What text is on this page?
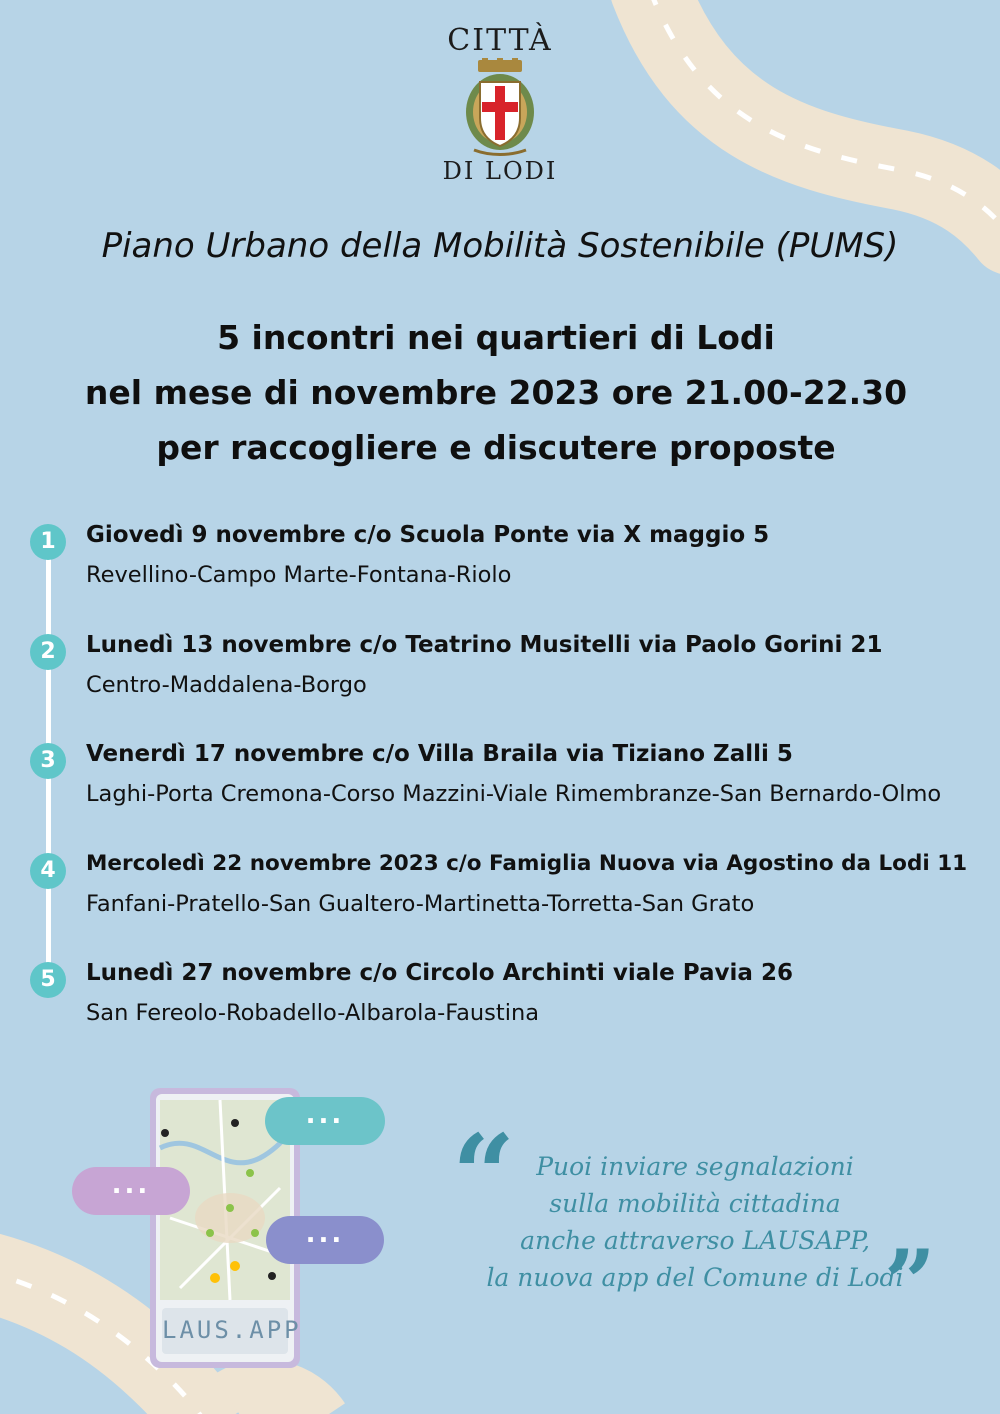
CITTÀ
DI LODI
Piano Urbano della Mobilità Sostenibile (PUMS)
5 incontri nei quartieri di Lodi
nel mese di novembre 2023 ore 21.00-22.30
per raccogliere e discutere proposte
1	Giovedì 9 novembre c/o Scuola Ponte via X maggio 5
Revellino-Campo Marte-Fontana-Riolo
2	Lunedì 13 novembre c/o Teatrino Musitelli via Paolo Gorini 21
Centro-Maddalena-Borgo
3	Venerdì 17 novembre c/o Villa Braila via Tiziano Zalli 5
Laghi-Porta Cremona-Corso Mazzini-Viale Rimembranze-San Bernardo-Olmo
4	Mercoledì 22 novembre 2023 c/o Famiglia Nuova via Agostino da Lodi 11
Fanfani-Pratello-San Gualtero-Martinetta-Torretta-San Grato
5	Lunedì 27 novembre c/o Circolo Archinti viale Pavia 26
San Fereolo-Robadello-Albarola-Faustina
LAUS.APP
...
...
... “
”
Puoi inviare segnalazioni
sulla mobilità cittadina
anche attraverso LAUSAPP,
la nuova app del Comune di Lodi
